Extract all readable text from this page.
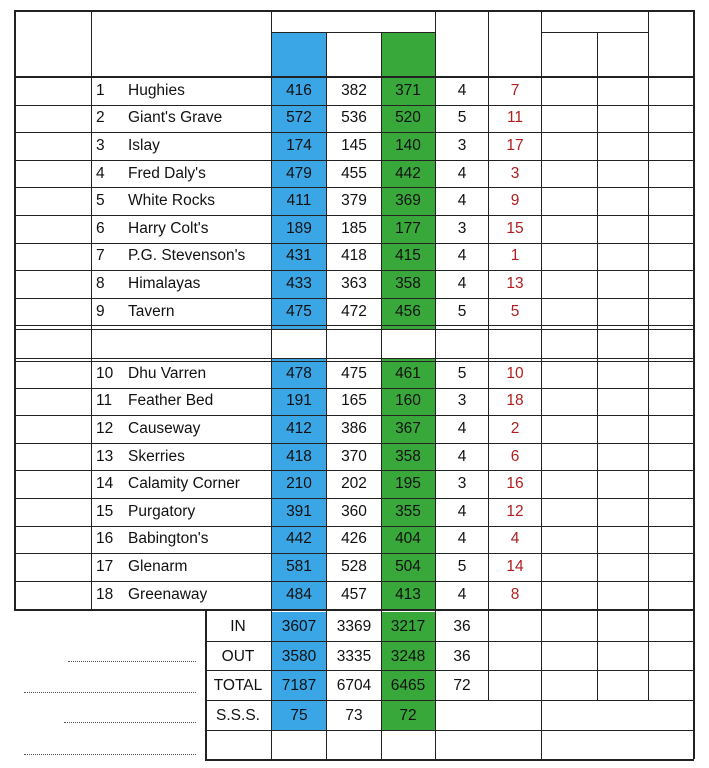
1	Hughies	416	382	371	4	7
2	Giant's Grave	572	536	520	5	11
3	Islay	174	145	140	3	17
4	Fred Daly's	479	455	442	4	3
5	White Rocks	411	379	369	4	9
6	Harry Colt's	189	185	177	3	15
7	P.G. Stevenson's	431	418	415	4	1
8	Himalayas	433	363	358	4	13
9	Tavern	475	472	456	5	5
10 Dhu Varren	478	475	461	5	10
11	Feather Bed	191	165	160	3	18
12 Causeway	412	386	367	4	2
13 Skerries	418	370	358	4	6
14 Calamity Corner	210	202	195	3	16
15 Purgatory	391	360	355	4	12
16 Babington's	442	426	404	4	4
17 Glenarm	581	528	504	5	14
18 Greenaway	484	457	413	4	8
IN	3607	3369	3217	36
OUT	3580	3335	3248	36
TOTAL	7187	6704	6465	72
S.S.S.	75	73	72
